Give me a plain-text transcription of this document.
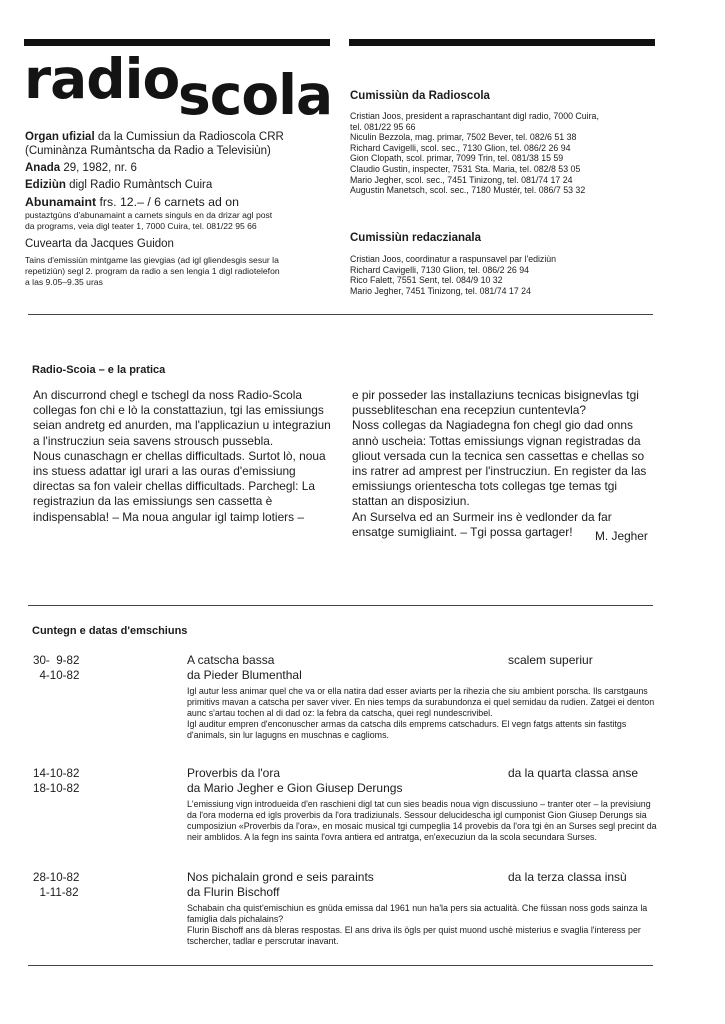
radio
scola
Organ ufizial da la Cumissiun da Radioscola CRR
(Cuminànza Rumàntscha da Radio a Televisiùn)
Anada 29, 1982, nr. 6
Ediziùn digl Radio Rumàntsch Cuira
Abunamaint frs. 12.– / 6 carnets ad on
pustaztgùns d'abunamaint a carnets singuls en da drizar agl post
da programs, veia digl teater 1, 7000 Cuira, tel. 081/22 95 66
Cuvearta da Jacques Guidon
Tains d'emissiùn mintgame las gievgias (ad igl gliendesgis sesur la
repetiziùn) segl 2. program da radio a sen lengia 1 digl radiotelefon
a las 9.05–9.35 uras
Cumissiùn da Radioscola
Cristian Joos, president a rapraschantant digl radio, 7000 Cuira,
tel. 081/22 95 66
Niculin Bezzola, mag. primar, 7502 Bever, tel. 082/6 51 38
Richard Cavigelli, scol. sec., 7130 Glion, tel. 086/2 26 94
Gion Clopath, scol. primar, 7099 Trin, tel. 081/38 15 59
Claudio Gustin, inspecter, 7531 Sta. Maria, tel. 082/8 53 05
Mario Jegher, scol. sec., 7451 Tinizong, tel. 081/74 17 24
Augustin Manetsch, scol. sec., 7180 Mustér, tel. 086/7 53 32
Cumissiùn redaczianala
Cristian Joos, coordinatur a raspunsavel par l'ediziùn
Richard Cavigelli, 7130 Glion, tel. 086/2 26 94
Rico Falett, 7551 Sent, tel. 084/9 10 32
Mario Jegher, 7451 Tinizong, tel. 081/74 17 24
Radio-Scoia – e la pratica

An discurrond chegl e tschegl da noss Radio-Scola collegas fon chi e lò la constattaziun, tgi las emissiungs seian andretg ed anurden, ma l'applicaziun u integraziun a l'instrucziun seia savens strousch pussebla.

Nous cunaschagn er chellas difficultads. Surtot lò, noua ins stuess adattar igl urari a las ouras d'emissiung directas sa fon valeir chellas difficultads. Parchegl: La registraziun da las emissiungs sen cassetta è indispensabla! – Ma noua angular igl taimp lotiers –

e pir posseder las installaziuns tecnicas bisignevlas tgi pussebliteschan ena recepziun cuntentevla?

Noss collegas da Nagiadegna fon chegl gio dad onns annò uscheia: Tottas emissiungs vignan registradas da gliout versada cun la tecnica sen cassettas e chellas so ins ratrer ad amprest per l'instrucziun. En register da las emissiungs orientescha tots collegas tge temas tgi stattan an disposiziun.

An Surselva ed an Surmeir ins è vedlonder da far ensatge sumigliaint. – Tgi possa gartager!	M. Jegher
Cuntegn e datas d'emschiuns
30-  9-82
4-10-82
A catscha bassa
da Pieder Blumenthal
scalem superiur
Igl autur less animar quel che va or ella natira dad esser aviarts per la rihezia che siu ambient porscha. Ils carstgauns primitivs mavan a catscha per saver viver. En nies temps da surabundonza ei quel semidau da rudien. Zatgei ei denton aunc s'artau tochen al di dad oz: la febra da catscha, quei regl nundescrivibel.
Igl auditur empren d'enconuscher armas da catscha dils emprems catschadurs. El vegn fatgs attents sin fastitgs d'animals, sin lur lagugns en muschnas e caglioms.
14-10-82
18-10-82
Proverbis da l'ora
da Mario Jegher e Gion Giusep Derungs
da la quarta classa anse
L'emissiung vign introdueida d'en raschieni digl tat cun sies beadis noua vign discussiuno – tranter oter – la previsiung da l'ora moderna ed igls proverbis da l'ora tradiziunals. Sessour delucidescha igl cumponist Gion Giusep Derungs sia cumposiziun «Proverbis da l'ora», en mosaic musical tgi cumpeglia 14 provebis da l'ora tgi èn an Surses segl precint da neir amblidos. A la fegn ins sainta l'ovra antiera ed antratga, en'execuziun da la scola secundara Surses.
28-10-82
1-11-82
Nos pichalain grond e seis paraints
da Flurin Bischoff
da la terza classa insù
Schabain cha quist'emischiun es gnüda emissa dal 1961 nun ha'la pers sia actualità. Che füssan noss gods sainza la famiglia dals pichalains?
Flurin Bischoff ans dà bleras respostas. El ans driva ils ögls per quist muond uschè misterius e svaglia l'interess per tschercher, tadlar e perscrutar inavant.
